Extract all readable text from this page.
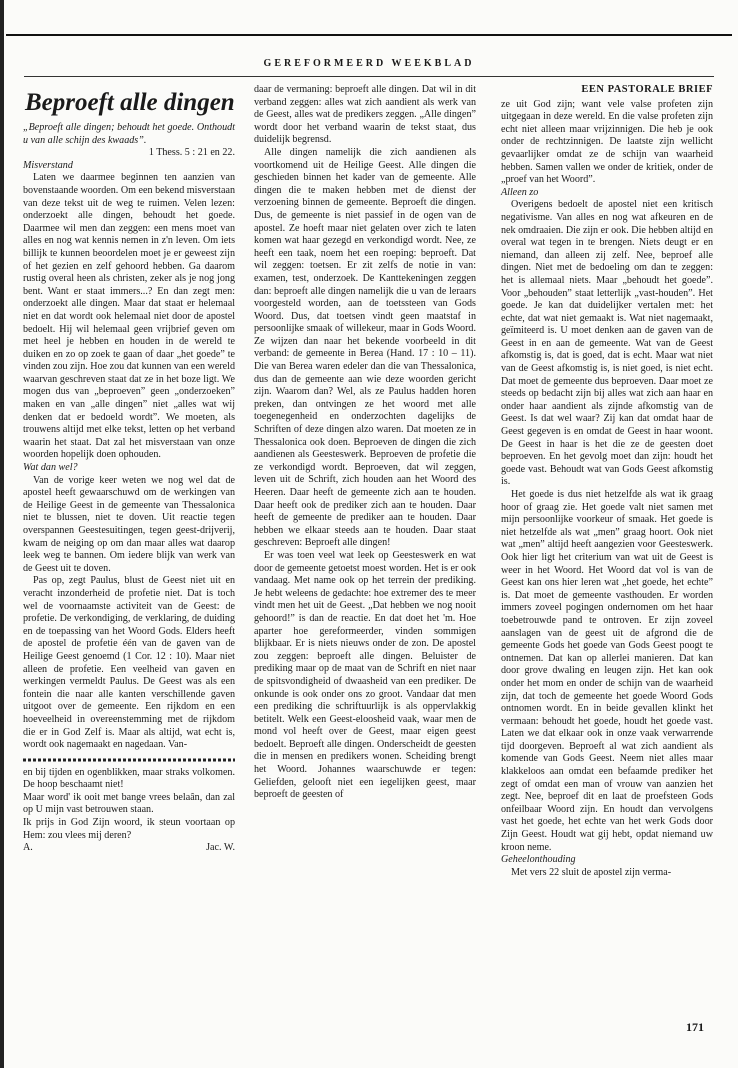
GEREFORMEERD WEEKBLAD
Beproeft alle dingen

„Beproeft alle dingen; behoudt het goede. Onthoudt u van alle schijn des kwaads”.

1 Thess. 5 : 21 en 22.

Misverstand

Laten we daarmee beginnen ten aanzien van bovenstaande woorden. Om een bekend misverstaan van deze tekst uit de weg te ruimen. Velen lezen: onderzoekt alle dingen, behoudt het goede. Daarmee wil men dan zeggen: een mens moet van alles en nog wat kennis nemen in z'n leven. Om iets billijk te kunnen beoordelen moet je er geweest zijn of het gezien en zelf gehoord hebben. Ga daarom rustig overal heen als christen, zeker als je nog jong bent. Want er staat immers...? En dan zegt men: onderzoekt alle dingen. Maar dat staat er helemaal niet en dat wordt ook helemaal niet door de apostel bedoelt. Hij wil helemaal geen vrijbrief geven om met heel je hebben en houden in de wereld te duiken en zo op zoek te gaan of daar „het goede” te vinden zou zijn. Hoe zou dat kunnen van een wereld waarvan geschreven staat dat ze in het boze ligt. We mogen dus van „beproeven” geen „onderzoeken” maken en van „alle dingen” niet „alles wat wij denken dat er bedoeld wordt”. We moeten, als trouwens altijd met elke tekst, letten op het verband waarin het staat. Dat zal het misverstaan van onze woorden hopelijk doen ophouden.

Wat dan wel?

Van de vorige keer weten we nog wel dat de apostel heeft gewaarschuwd om de werkingen van de Heilige Geest in de gemeente van Thessalonica niet te blussen, niet te doven. Uit reactie tegen overspannen Geestesuitingen, tegen geest-drijverij, kwam de neiging op om dan maar alles wat daarop leek weg te bannen. Om iedere blijk van werk van de Geest uit te doven.

Pas op, zegt Paulus, blust de Geest niet uit en veracht inzonderheid de profetie niet. Dat is toch wel de voornaamste activiteit van de Geest: de profetie. De verkondiging, de verklaring, de duiding en de toepassing van het Woord Gods. Elders heeft de apostel de profetie één van de gaven van de Heilige Geest genoemd (1 Cor. 12 : 10). Maar niet alleen de profetie. Een veelheid van gaven en werkingen vermeldt Paulus. De Geest was als een fontein die naar alle kanten verschillende gaven uitgoot over de gemeente. Een rijkdom en een hoeveelheid in overeenstemming met de rijkdom die er in God Zelf is. Maar als altijd, wat echt is, wordt ook nagemaakt en nagedaan. Van-

en bij tijden en ogenblikken, maar straks volkomen. De hoop beschaamt niet!

Maar word' ik ooit met bange vrees belaân, dan zal op U mijn vast betrouwen staan.

Ik prijs in God Zijn woord, ik steun voortaan op Hem: zou vlees mij deren?

A.	Jac. W.

daar de vermaning: beproeft alle dingen. Dat wil in dit verband zeggen: alles wat zich aandient als werk van de Geest, alles wat de predikers zeggen. „Alle dingen” wordt door het verband waarin de tekst staat, dus duidelijk begrensd.

Alle dingen namelijk die zich aandienen als voortkomend uit de Heilige Geest. Alle dingen die geschieden binnen het kader van de gemeente. Alle dingen die te maken hebben met de dienst der verzoening binnen de gemeente. Beproeft die dingen. Dus, de gemeente is niet passief in de ogen van de apostel. Ze hoeft maar niet gelaten over zich te laten komen wat haar gezegd en verkondigd wordt. Nee, ze heeft een taak, noem het een roeping: beproeft. Dat wil zeggen: toetsen. Er zit zelfs de notie in van: examen, test, onderzoek. De Kanttekeningen zeggen dan: beproeft alle dingen namelijk die u van de leraars voorgesteld worden, aan de toetssteen van Gods Woord. Dus, dat toetsen vindt geen maatstaf in persoonlijke smaak of willekeur, maar in Gods Woord. Ze wijzen dan naar het bekende voorbeeld in dit verband: de gemeente in Berea (Hand. 17 : 10 – 11). Die van Berea waren edeler dan die van Thessalonica, dus dan de gemeente aan wie deze woorden gericht zijn. Waarom dan? Wel, als ze Paulus hadden horen preken, dan ontvingen ze het woord met alle toegenegenheid en onderzochten dagelijks de Schriften of deze dingen alzo waren. Dat moeten ze in Thessalonica ook doen. Beproeven de dingen die zich aandienen als Geesteswerk. Beproeven de profetie die ze verkondigd wordt. Beproeven, dat wil zeggen, leven uit de Schrift, zich houden aan het Woord des Heeren. Daar heeft de gemeente zich aan te houden. Daar heeft ook de prediker zich aan te houden. Daar heeft de gemeente de prediker aan te houden. Daar hebben we elkaar steeds aan te houden. Daar staat geschreven: Beproeft alle dingen!

Er was toen veel wat leek op Geesteswerk en wat door de gemeente getoetst moest worden. Het is er ook vandaag. Met name ook op het terrein der prediking. Je hebt weleens de gedachte: hoe extremer des te meer vindt men het uit de Geest. „Dat hebben we nog nooit gehoord!” is dan de reactie. En dat doet het 'm. Hoe aparter hoe gereformeerder, vinden sommigen blijkbaar. Er is niets nieuws onder de zon. De apostel zou zeggen: beproeft alle dingen. Beluister de prediking maar op de maat van de Schrift en niet naar de spitsvondigheid of dwaasheid van een prediker. De onkunde is ook onder ons zo groot. Vandaar dat men een prediking die schriftuurlijk is als oppervlakkig betitelt. Welk een Geest-eloosheid vaak, waar men de mond vol heeft over de Geest, maar eigen geest bedoelt. Beproeft alle dingen. Onderscheidt de geesten die in mensen en predikers wonen. Scheiding brengt het Woord. Johannes waarschuwde er tegen: Geliefden, gelooft niet een iegelijken geest, maar beproeft de geesten of

EEN PASTORALE BRIEF

ze uit God zijn; want vele valse profeten zijn uitgegaan in deze wereld. En die valse profeten zijn echt niet alleen maar vrijzinnigen. Die heb je ook onder de rechtzinnigen. De laatste zijn wellicht gevaarlijker omdat ze de schijn van waarheid hebben. Samen vallen we onder de kritiek, onder de „proef van het Woord”.

Alleen zo

Overigens bedoelt de apostel niet een kritisch negativisme. Van alles en nog wat afkeuren en de nek omdraaien. Die zijn er ook. Die hebben altijd en overal wat tegen in te brengen. Niets deugt er en niemand, dan alleen zij zelf. Nee, beproef alle dingen. Niet met de bedoeling om dan te zeggen: het is allemaal niets. Maar „behoudt het goede”. Voor „behouden” staat letterlijk „vast-houden”. Het goede. Je kan dat duidelijker vertalen met: het echte, dat wat niet gemaakt is. Wat niet nagemaakt, geïmiteerd is. U moet denken aan de gaven van de Geest in en aan de gemeente. Wat van de Geest afkomstig is, dat is goed, dat is echt. Maar wat niet van de Geest afkomstig is, is niet goed, is niet echt. Dat moet de gemeente dus beproeven. Daar moet ze steeds op bedacht zijn bij alles wat zich aan haar en onder haar aandient als zijnde afkomstig van de Geest. Is dat wel waar? Zij kan dat omdat haar de Geest gegeven is en omdat de Geest in haar woont. De Geest in haar is het die ze de geesten doet beproeven. En het gevolg moet dan zijn: houdt het goede vast. Behoudt wat van Gods Geest afkomstig is.

Het goede is dus niet hetzelfde als wat ik graag hoor of graag zie. Het goede valt niet samen met mijn persoonlijke voorkeur of smaak. Het goede is niet hetzelfde als wat „men” graag hoort. Ook niet wat „men” altijd heeft aangezien voor Geesteswerk. Ook hier ligt het criterium van wat uit de Geest is weer in het Woord. Het Woord dat vol is van de Geest kan ons hier leren wat „het goede, het echte” is. Dat moet de gemeente vasthouden. Er worden immers zoveel pogingen ondernomen om het haar toebetrouwde pand te ontroven. Er zijn zoveel aanslagen van de geest uit de afgrond die de gemeente Gods het goede van Gods Geest poogt te ontnemen. Dat kan op allerlei manieren. Dat kan door grove dwaling en leugen zijn. Het kan ook onder het mom en onder de schijn van de waarheid zijn, dat toch de gemeente het goede Woord Gods ontnomen wordt. En in beide gevallen klinkt het vermaan: behoudt het goede, houdt het goede vast. Laten we dat elkaar ook in onze vaak verwarrende tijd doorgeven. Beproeft al wat zich aandient als komende van Gods Geest. Neem niet alles maar klakkeloos aan omdat een befaamde prediker het zegt of omdat een man of vrouw van aanzien het zegt. Nee, beproef dit en laat de proefsteen Gods onfeilbaar Woord zijn. En houdt dan vervolgens vast het goede, het echte van het werk Gods door Zijn Geest. Houdt wat gij hebt, opdat niemand uw kroon neme.

Geheelonthouding

Met vers 22 sluit de apostel zijn verma-

171
